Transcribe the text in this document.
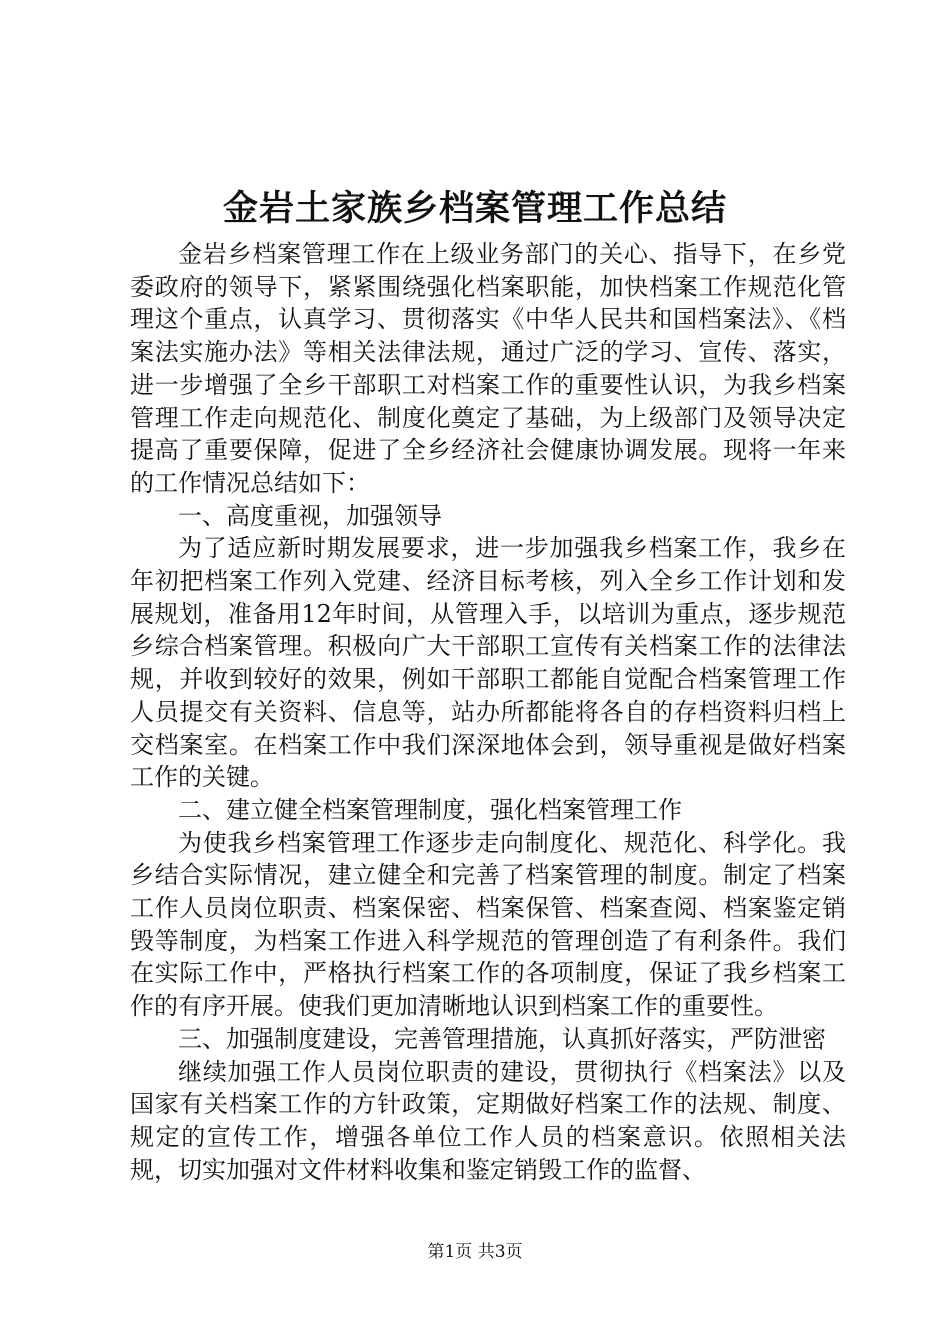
金岩土家族乡档案管理工作总结

金岩乡档案管理工作在上级业务部门的关心、指导下，在乡党委政府的领导下，紧紧围绕强化档案职能，加快档案工作规范化管理这个重点，认真学习、贯彻落实《中华人民共和国档案法》、《档案法实施办法》等相关法律法规，通过广泛的学习、宣传、落实，进一步增强了全乡干部职工对档案工作的重要性认识，为我乡档案管理工作走向规范化、制度化奠定了基础，为上级部门及领导决定提高了重要保障，促进了全乡经济社会健康协调发展。现将一年来的工作情况总结如下：

一、高度重视，加强领导

为了适应新时期发展要求，进一步加强我乡档案工作，我乡在年初把档案工作列入党建、经济目标考核，列入全乡工作计划和发展规划，准备用12年时间，从管理入手，以培训为重点，逐步规范乡综合档案管理。积极向广大干部职工宣传有关档案工作的法律法规，并收到较好的效果，例如干部职工都能自觉配合档案管理工作人员提交有关资料、信息等，站办所都能将各自的存档资料归档上交档案室。在档案工作中我们深深地体会到，领导重视是做好档案工作的关键。

二、建立健全档案管理制度，强化档案管理工作

为使我乡档案管理工作逐步走向制度化、规范化、科学化。我乡结合实际情况，建立健全和完善了档案管理的制度。制定了档案工作人员岗位职责、档案保密、档案保管、档案查阅、档案鉴定销毁等制度，为档案工作进入科学规范的管理创造了有利条件。我们在实际工作中，严格执行档案工作的各项制度，保证了我乡档案工作的有序开展。使我们更加清晰地认识到档案工作的重要性。

三、加强制度建设，完善管理措施，认真抓好落实，严防泄密

继续加强工作人员岗位职责的建设，贯彻执行《档案法》以及国家有关档案工作的方针政策，定期做好档案工作的法规、制度、规定的宣传工作，增强各单位工作人员的档案意识。依照相关法规，切实加强对文件材料收集和鉴定销毁工作的监督、

第1页 共3页
